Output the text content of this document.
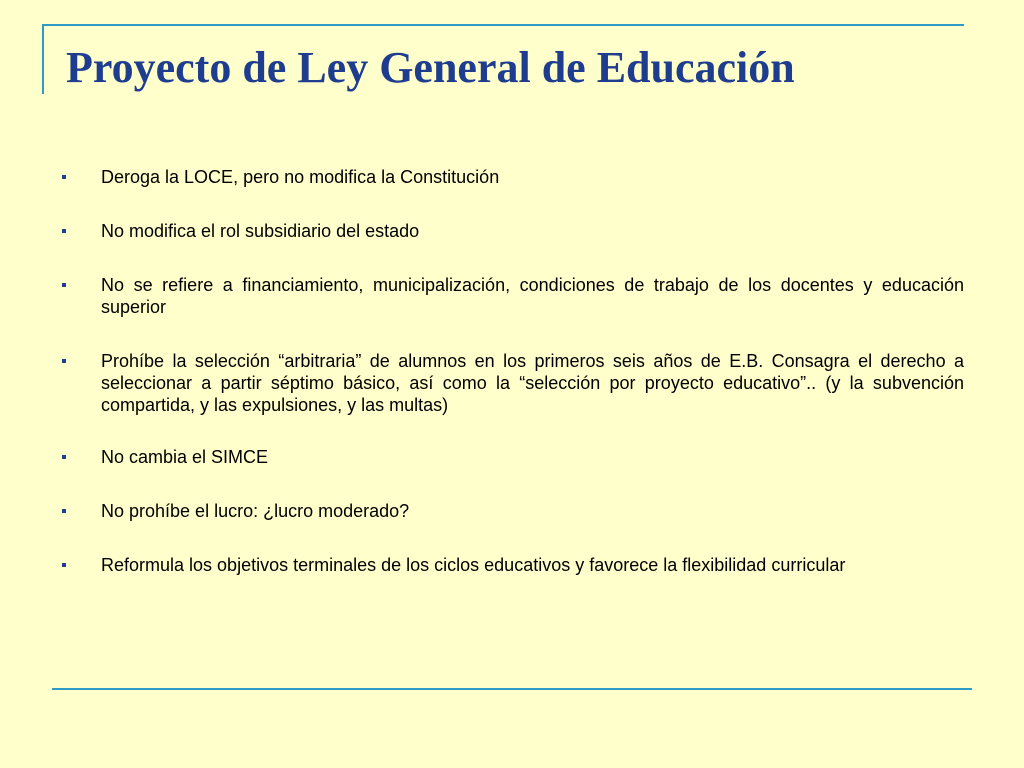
Proyecto de Ley General de Educación
Deroga la LOCE, pero no modifica la Constitución
No modifica el rol subsidiario del estado
No se refiere a financiamiento, municipalización, condiciones de trabajo de los docentes y educación superior
Prohíbe la selección “arbitraria” de alumnos en los primeros seis años de E.B. Consagra el derecho a seleccionar a partir séptimo básico, así como la “selección por proyecto educativo”.. (y la subvención compartida, y las expulsiones, y las multas)
No cambia el SIMCE
No prohíbe el lucro: ¿lucro moderado?
Reformula los objetivos terminales de los ciclos educativos y favorece la flexibilidad curricular
